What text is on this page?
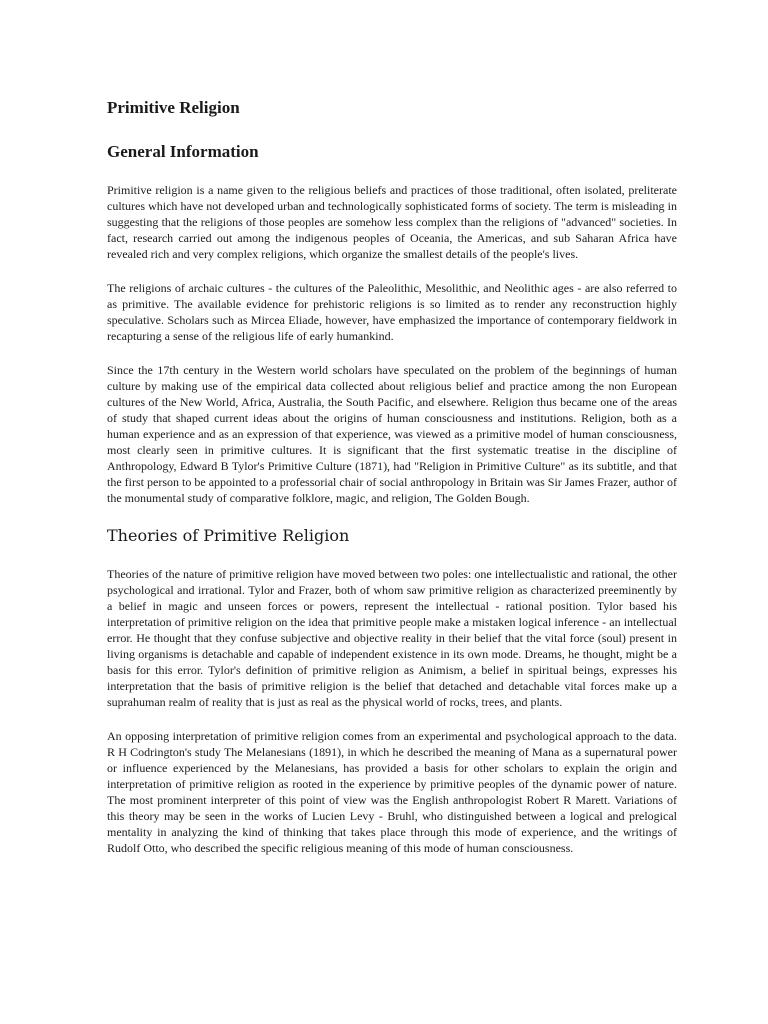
Primitive Religion
General Information

Primitive religion is a name given to the religious beliefs and practices of those traditional, often isolated, preliterate cultures which have not developed urban and technologically sophisticated forms of society. The term is misleading in suggesting that the religions of those peoples are somehow less complex than the religions of "advanced" societies. In fact, research carried out among the indigenous peoples of Oceania, the Americas, and sub Saharan Africa have revealed rich and very complex religions, which organize the smallest details of the people's lives.

The religions of archaic cultures - the cultures of the Paleolithic, Mesolithic, and Neolithic ages - are also referred to as primitive. The available evidence for prehistoric religions is so limited as to render any reconstruction highly speculative. Scholars such as Mircea Eliade, however, have emphasized the importance of contemporary fieldwork in recapturing a sense of the religious life of early humankind.

Since the 17th century in the Western world scholars have speculated on the problem of the beginnings of human culture by making use of the empirical data collected about religious belief and practice among the non European cultures of the New World, Africa, Australia, the South Pacific, and elsewhere. Religion thus became one of the areas of study that shaped current ideas about the origins of human consciousness and institutions. Religion, both as a human experience and as an expression of that experience, was viewed as a primitive model of human consciousness, most clearly seen in primitive cultures. It is significant that the first systematic treatise in the discipline of Anthropology, Edward B Tylor's Primitive Culture (1871), had "Religion in Primitive Culture" as its subtitle, and that the first person to be appointed to a professorial chair of social anthropology in Britain was Sir James Frazer, author of the monumental study of comparative folklore, magic, and religion, The Golden Bough.

Theories of Primitive Religion

Theories of the nature of primitive religion have moved between two poles: one intellectualistic and rational, the other psychological and irrational. Tylor and Frazer, both of whom saw primitive religion as characterized preeminently by a belief in magic and unseen forces or powers, represent the intellectual - rational position. Tylor based his interpretation of primitive religion on the idea that primitive people make a mistaken logical inference - an intellectual error. He thought that they confuse subjective and objective reality in their belief that the vital force (soul) present in living organisms is detachable and capable of independent existence in its own mode. Dreams, he thought, might be a basis for this error. Tylor's definition of primitive religion as Animism, a belief in spiritual beings, expresses his interpretation that the basis of primitive religion is the belief that detached and detachable vital forces make up a suprahuman realm of reality that is just as real as the physical world of rocks, trees, and plants.

An opposing interpretation of primitive religion comes from an experimental and psychological approach to the data. R H Codrington's study The Melanesians (1891), in which he described the meaning of Mana as a supernatural power or influence experienced by the Melanesians, has provided a basis for other scholars to explain the origin and interpretation of primitive religion as rooted in the experience by primitive peoples of the dynamic power of nature. The most prominent interpreter of this point of view was the English anthropologist Robert R Marett. Variations of this theory may be seen in the works of Lucien Levy - Bruhl, who distinguished between a logical and prelogical mentality in analyzing the kind of thinking that takes place through this mode of experience, and the writings of Rudolf Otto, who described the specific religious meaning of this mode of human consciousness.
